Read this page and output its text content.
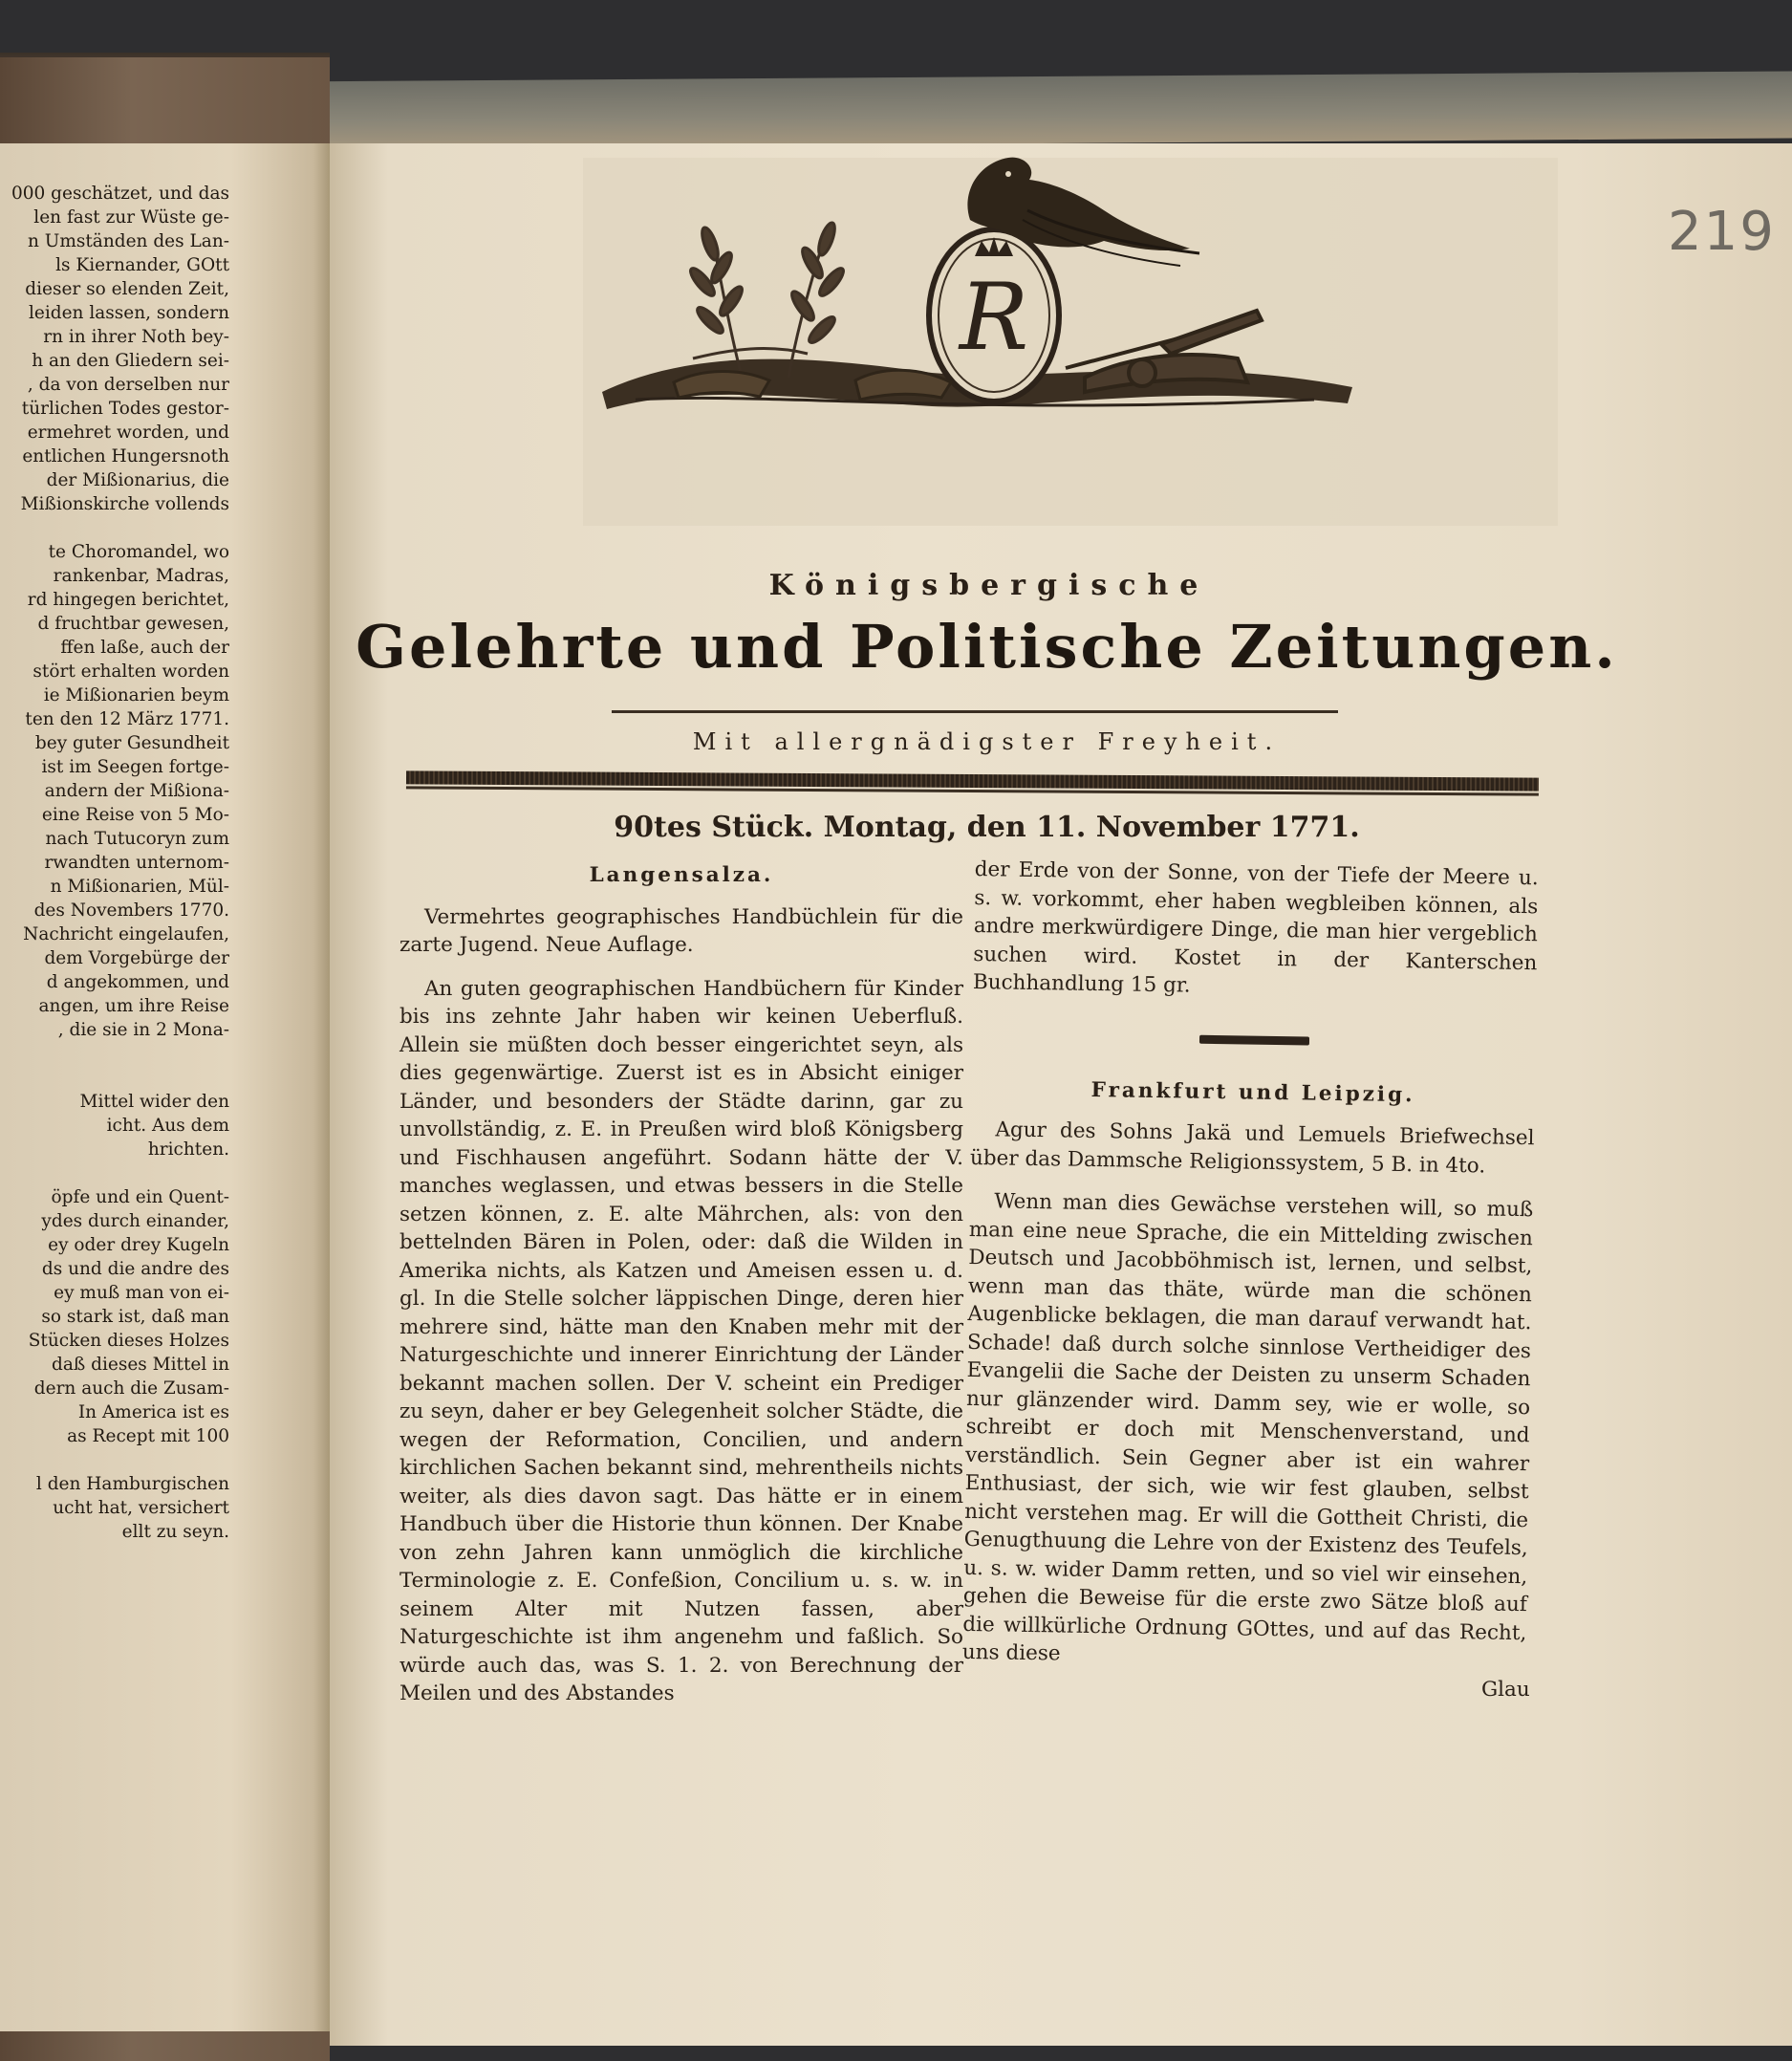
000 geschätzet, und das
len fast zur Wüste ge-
n Umständen des Lan-
ls Kiernander, GOtt
dieser so elenden Zeit,
leiden lassen, sondern
rn in ihrer Noth bey-
h an den Gliedern sei-
, da von derselben nur
türlichen Todes gestor-
ermehret worden, und
entlichen Hungersnoth
der Mißionarius, die
Mißionskirche vollends

te Choromandel, wo
rankenbar, Madras,
rd hingegen berichtet,
d fruchtbar gewesen,
ffen laße, auch der
stört erhalten worden
ie Mißionarien beym
ten den 12 März 1771.
bey guter Gesundheit
ist im Seegen fortge-
andern der Mißiona-
eine Reise von 5 Mo-
nach Tutucoryn zum
rwandten unternom-
n Mißionarien, Mül-
des Novembers 1770.
Nachricht eingelaufen,
dem Vorgebürge der
d angekommen, und
angen, um ihre Reise
, die sie in 2 Mona-

Mittel wider den
icht. Aus dem
hrichten.

öpfe und ein Quent-
ydes durch einander,
ey oder drey Kugeln
ds und die andre des
ey muß man von ei-
so stark ist, daß man
Stücken dieses Holzes
daß dieses Mittel in
dern auch die Zusam-
In America ist es
as Recept mit 100

l den Hamburgischen
ucht hat, versichert
ellt zu seyn.
219
R
Königsbergische
Gelehrte und Politische Zeitungen.
Mit allergnädigster Freyheit.
90tes Stück. Montag, den 11. November 1771.
Langensalza.

Vermehrtes geographisches Handbüchlein für die zarte Jugend. Neue Auflage.

An guten geographischen Handbüchern für Kinder bis ins zehnte Jahr haben wir keinen Ueberfluß. Allein sie müßten doch besser eingerichtet seyn, als dies gegenwärtige. Zuerst ist es in Absicht einiger Länder, und besonders der Städte darinn, gar zu unvollständig, z. E. in Preußen wird bloß Königsberg und Fischhausen angeführt. Sodann hätte der V. manches weglassen, und etwas bessers in die Stelle setzen können, z. E. alte Mährchen, als: von den bettelnden Bären in Polen, oder: daß die Wilden in Amerika nichts, als Katzen und Ameisen essen u. d. gl. In die Stelle solcher läppischen Dinge, deren hier mehrere sind, hätte man den Knaben mehr mit der Naturgeschichte und innerer Einrichtung der Länder bekannt machen sollen. Der V. scheint ein Prediger zu seyn, daher er bey Gelegenheit solcher Städte, die wegen der Reformation, Concilien, und andern kirchlichen Sachen bekannt sind, mehrentheils nichts weiter, als dies davon sagt. Das hätte er in einem Handbuch über die Historie thun können. Der Knabe von zehn Jahren kann unmöglich die kirchliche Terminologie z. E. Confeßion, Concilium u. s. w. in seinem Alter mit Nutzen fassen, aber Naturgeschichte ist ihm angenehm und faßlich. So würde auch das, was S. 1. 2. von Berechnung der Meilen und des Abstandes

der Erde von der Sonne, von der Tiefe der Meere u. s. w. vorkommt, eher haben wegbleiben können, als andre merkwürdigere Dinge, die man hier vergeblich suchen wird. Kostet in der Kanterschen Buchhandlung 15 gr.

Frankfurt und Leipzig.

Agur des Sohns Jakä und Lemuels Briefwechsel über das Dammsche Religionssystem, 5 B. in 4to.

Wenn man dies Gewächse verstehen will, so muß man eine neue Sprache, die ein Mittelding zwischen Deutsch und Jacobböhmisch ist, lernen, und selbst, wenn man das thäte, würde man die schönen Augenblicke beklagen, die man darauf verwandt hat. Schade! daß durch solche sinnlose Vertheidiger des Evangelii die Sache der Deisten zu unserm Schaden nur glänzender wird. Damm sey, wie er wolle, so schreibt er doch mit Menschenverstand, und verständlich. Sein Gegner aber ist ein wahrer Enthusiast, der sich, wie wir fest glauben, selbst nicht verstehen mag. Er will die Gottheit Christi, die Genugthuung die Lehre von der Existenz des Teufels, u. s. w. wider Damm retten, und so viel wir einsehen, gehen die Beweise für die erste zwo Sätze bloß auf die willkürliche Ordnung GOttes, und auf das Recht, uns diese

Glau
